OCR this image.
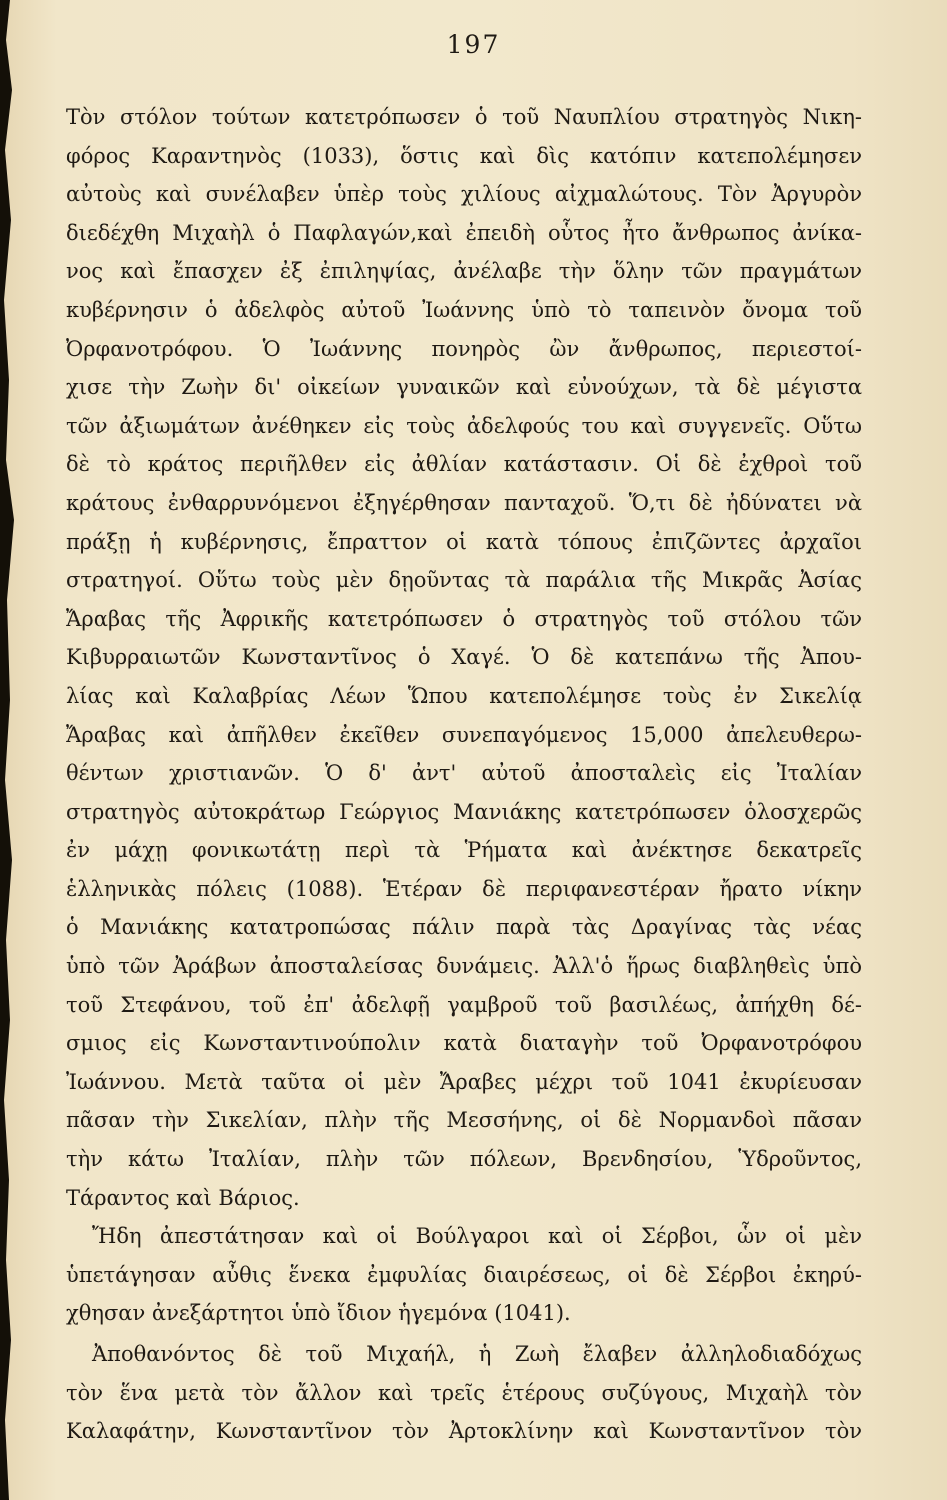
197
Τὸν στόλον τούτων κατετρόπωσεν ὁ τοῦ Ναυπλίου στρατηγὸς Νικη-
φόρος Καραντηνὸς (1033), ὅστις καὶ δὶς κατόπιν κατεπολέμησεν
αὐτοὺς καὶ συνέλαβεν ὑπὲρ τοὺς χιλίους αἰχμαλώτους. Τὸν Ἀργυρὸν
διεδέχθη Μιχαὴλ ὁ Παφλαγών,καὶ ἐπειδὴ οὗτος ἦτο ἄνθρωπος ἀνίκα-
νος καὶ ἔπασχεν ἐξ ἐπιληψίας, ἀνέλαβε τὴν ὅλην τῶν πραγμάτων
κυβέρνησιν ὁ ἀδελφὸς αὐτοῦ Ἰωάννης ὑπὸ τὸ ταπεινὸν ὄνομα τοῦ
Ὀρφανοτρόφου. Ὁ Ἰωάννης πονηρὸς ὢν ἄνθρωπος, περιεστοί-
χισε τὴν Ζωὴν δι' οἰκείων γυναικῶν καὶ εὐνούχων, τὰ δὲ μέγιστα
τῶν ἀξιωμάτων ἀνέθηκεν εἰς τοὺς ἀδελφούς του καὶ συγγενεῖς. Οὕτω
δὲ τὸ κράτος περιῆλθεν εἰς ἀθλίαν κατάστασιν. Οἱ δὲ ἐχθροὶ τοῦ
κράτους ἐνθαρρυνόμενοι ἐξηγέρθησαν πανταχοῦ. Ὅ,τι δὲ ἠδύνατει νὰ
πράξῃ ἡ κυβέρνησις, ἔπραττον οἱ κατὰ τόπους ἐπιζῶντες ἀρχαῖοι
στρατηγοί. Οὕτω τοὺς μὲν δῃοῦντας τὰ παράλια τῆς Μικρᾶς Ἀσίας
Ἄραβας τῆς Ἀφρικῆς κατετρόπωσεν ὁ στρατηγὸς τοῦ στόλου τῶν
Κιβυρραιωτῶν Κωνσταντῖνος ὁ Χαγέ. Ὁ δὲ κατεπάνω τῆς Ἀπου-
λίας καὶ Καλαβρίας Λέων Ὥπου κατεπολέμησε τοὺς ἐν Σικελίᾳ
Ἄραβας καὶ ἀπῆλθεν ἐκεῖθεν συνεπαγόμενος 15,000 ἀπελευθερω-
θέντων χριστιανῶν. Ὁ δ' ἀντ' αὐτοῦ ἀποσταλεὶς εἰς Ἰταλίαν
στρατηγὸς αὐτοκράτωρ Γεώργιος Μανιάκης κατετρόπωσεν ὁλοσχερῶς
ἐν μάχῃ φονικωτάτῃ περὶ τὰ Ῥήματα καὶ ἀνέκτησε δεκατρεῖς
ἑλληνικὰς πόλεις (1088). Ἑτέραν δὲ περιφανεστέραν ἤρατο νίκην
ὁ Μανιάκης κατατροπώσας πάλιν παρὰ τὰς Δραγίνας τὰς νέας
ὑπὸ τῶν Ἀράβων ἀποσταλείσας δυνάμεις. Ἀλλ'ὁ ἥρως διαβληθεὶς ὑπὸ
τοῦ Στεφάνου, τοῦ ἐπ' ἀδελφῇ γαμβροῦ τοῦ βασιλέως, ἀπήχθη δέ-
σμιος εἰς Κωνσταντινούπολιν κατὰ διαταγὴν τοῦ Ὀρφανοτρόφου
Ἰωάννου. Μετὰ ταῦτα οἱ μὲν Ἄραβες μέχρι τοῦ 1041 ἐκυρίευσαν
πᾶσαν τὴν Σικελίαν, πλὴν τῆς Μεσσήνης, οἱ δὲ Νορμανδοὶ πᾶσαν
τὴν κάτω Ἰταλίαν, πλὴν τῶν πόλεων, Βρενδησίου, Ὑδροῦντος,
Τάραντος καὶ Βάριος.
Ἤδη ἀπεστάτησαν καὶ οἱ Βούλγαροι καὶ οἱ Σέρβοι, ὧν οἱ μὲν
ὑπετάγησαν αὖθις ἕνεκα ἐμφυλίας διαιρέσεως, οἱ δὲ Σέρβοι ἐκηρύ-
χθησαν ἀνεξάρτητοι ὑπὸ ἴδιον ἡγεμόνα (1041).
Ἀποθανόντος δὲ τοῦ Μιχαήλ, ἡ Ζωὴ ἔλαβεν ἀλληλοδιαδόχως
τὸν ἕνα μετὰ τὸν ἄλλον καὶ τρεῖς ἑτέρους συζύγους, Μιχαὴλ τὸν
Καλαφάτην, Κωνσταντῖνον τὸν Ἀρτοκλίνην καὶ Κωνσταντῖνον τὸν
